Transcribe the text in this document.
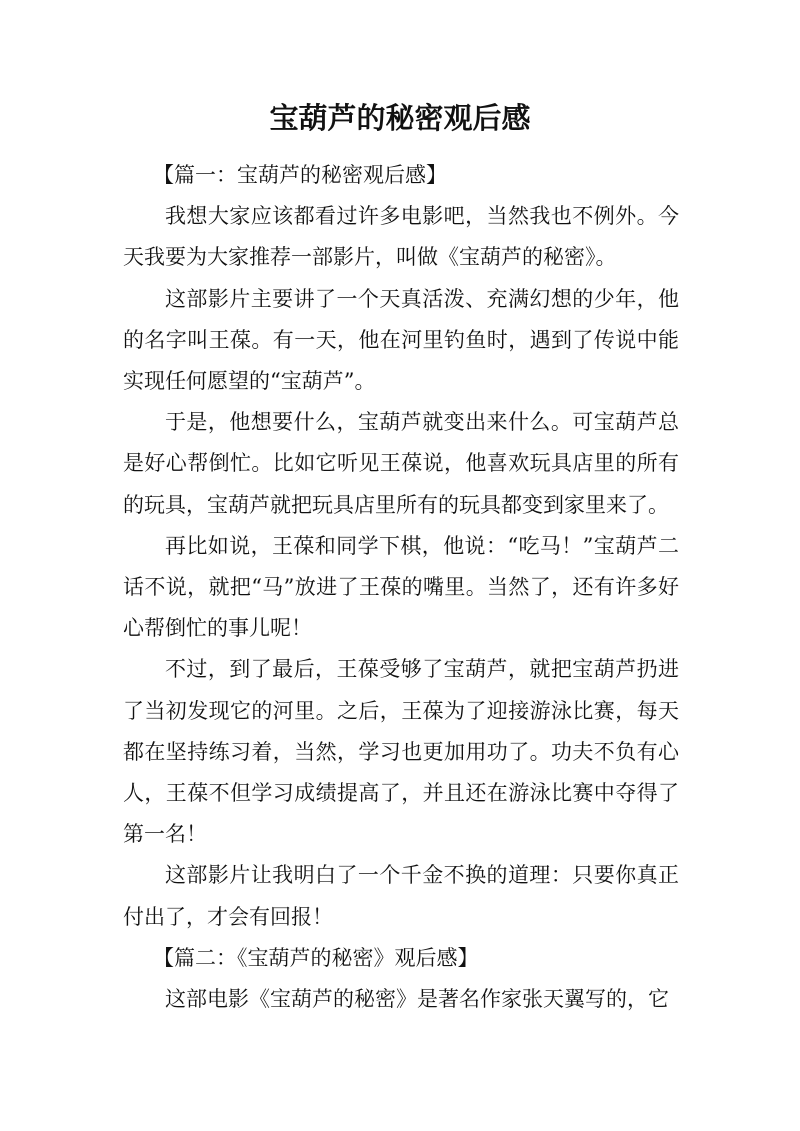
宝葫芦的秘密观后感

【篇一：宝葫芦的秘密观后感】

我想大家应该都看过许多电影吧，当然我也不例外。今天我要为大家推荐一部影片，叫做《宝葫芦的秘密》。

这部影片主要讲了一个天真活泼、充满幻想的少年，他的名字叫王葆。有一天，他在河里钓鱼时，遇到了传说中能实现任何愿望的“宝葫芦”。

于是，他想要什么，宝葫芦就变出来什么。可宝葫芦总是好心帮倒忙。比如它听见王葆说，他喜欢玩具店里的所有的玩具，宝葫芦就把玩具店里所有的玩具都变到家里来了。

再比如说，王葆和同学下棋，他说：“吃马！”宝葫芦二话不说，就把“马”放进了王葆的嘴里。当然了，还有许多好心帮倒忙的事儿呢！

不过，到了最后，王葆受够了宝葫芦，就把宝葫芦扔进了当初发现它的河里。之后，王葆为了迎接游泳比赛，每天都在坚持练习着，当然，学习也更加用功了。功夫不负有心人，王葆不但学习成绩提高了，并且还在游泳比赛中夺得了第一名！

这部影片让我明白了一个千金不换的道理：只要你真正付出了，才会有回报！

【篇二：《宝葫芦的秘密》观后感】

这部电影《宝葫芦的秘密》是著名作家张天翼写的，它
